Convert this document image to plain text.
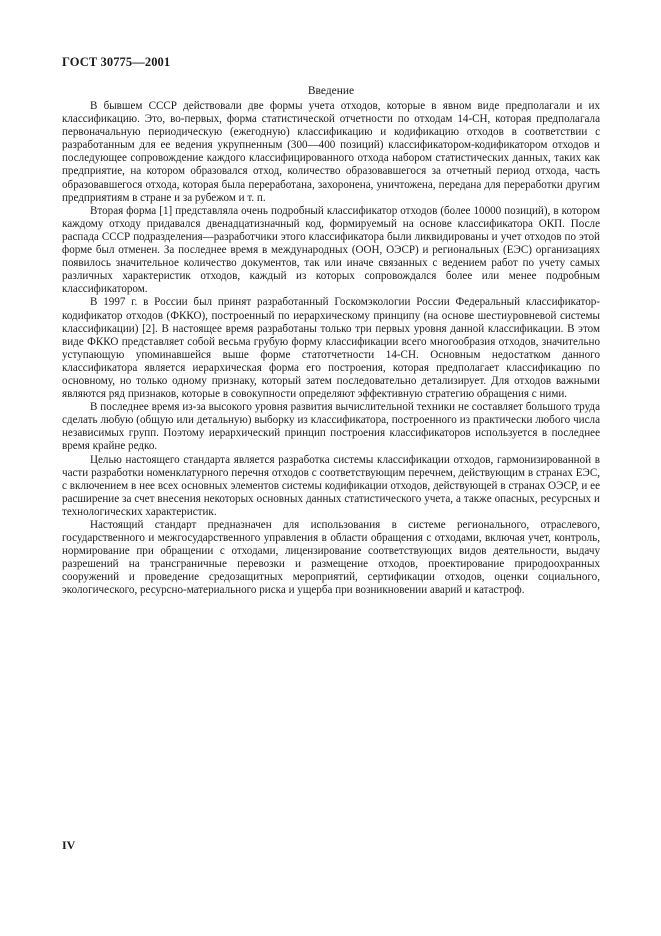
ГОСТ 30775—2001
Введение

В бывшем СССР действовали две формы учета отходов, которые в явном виде предполагали и их классификацию. Это, во-первых, форма статистической отчетности по отходам 14-СН, которая предполагала первоначальную периодическую (ежегодную) классификацию и кодификацию отходов в соответствии с разработанным для ее ведения укрупненным (300—400 позиций) классификатором-кодификатором отходов и последующее сопровождение каждого классифицированного отхода набором статистических данных, таких как предприятие, на котором образовался отход, количество образовавшегося за отчетный период отхода, часть образовавшегося отхода, которая была переработана, захоронена, уничтожена, передана для переработки другим предприятиям в стране и за рубежом и т. п.

Вторая форма [1] представляла очень подробный классификатор отходов (более 10000 позиций), в котором каждому отходу придавался двенадцатизначный код, формируемый на основе классификатора ОКП. После распада СССР подразделения—разработчики этого классификатора были ликвидированы и учет отходов по этой форме был отменен. За последнее время в международных (ООН, ОЭСР) и региональных (ЕЭС) организациях появилось значительное количество документов, так или иначе связанных с ведением работ по учету самых различных характеристик отходов, каждый из которых сопровождался более или менее подробным классификатором.

В 1997 г. в России был принят разработанный Госкомэкологии России Федеральный классификатор-кодификатор отходов (ФККО), построенный по иерархическому принципу (на основе шестиуровневой системы классификации) [2]. В настоящее время разработаны только три первых уровня данной классификации. В этом виде ФККО представляет собой весьма грубую форму классификации всего многообразия отходов, значительно уступающую упоминавшейся выше форме статотчетности 14-СН. Основным недостатком данного классификатора является иерархическая форма его построения, которая предполагает классификацию по основному, но только одному признаку, который затем последовательно детализирует. Для отходов важными являются ряд признаков, которые в совокупности определяют эффективную стратегию обращения с ними.

В последнее время из-за высокого уровня развития вычислительной техники не составляет большого труда сделать любую (общую или детальную) выборку из классификатора, построенного из практически любого числа независимых групп. Поэтому иерархический принцип построения классификаторов используется в последнее время крайне редко.

Целью настоящего стандарта является разработка системы классификации отходов, гармонизированной в части разработки номенклатурного перечня отходов с соответствующим перечнем, действующим в странах ЕЭС, с включением в нее всех основных элементов системы кодификации отходов, действующей в странах ОЭСР, и ее расширение за счет внесения некоторых основных данных статистического учета, а также опасных, ресурсных и технологических характеристик.

Настоящий стандарт предназначен для использования в системе регионального, отраслевого, государственного и межгосударственного управления в области обращения с отходами, включая учет, контроль, нормирование при обращении с отходами, лицензирование соответствующих видов деятельности, выдачу разрешений на трансграничные перевозки и размещение отходов, проектирование природоохранных сооружений и проведение средозащитных мероприятий, сертификации отходов, оценки социального, экологического, ресурсно-материального риска и ущерба при возникновении аварий и катастроф.

IV
